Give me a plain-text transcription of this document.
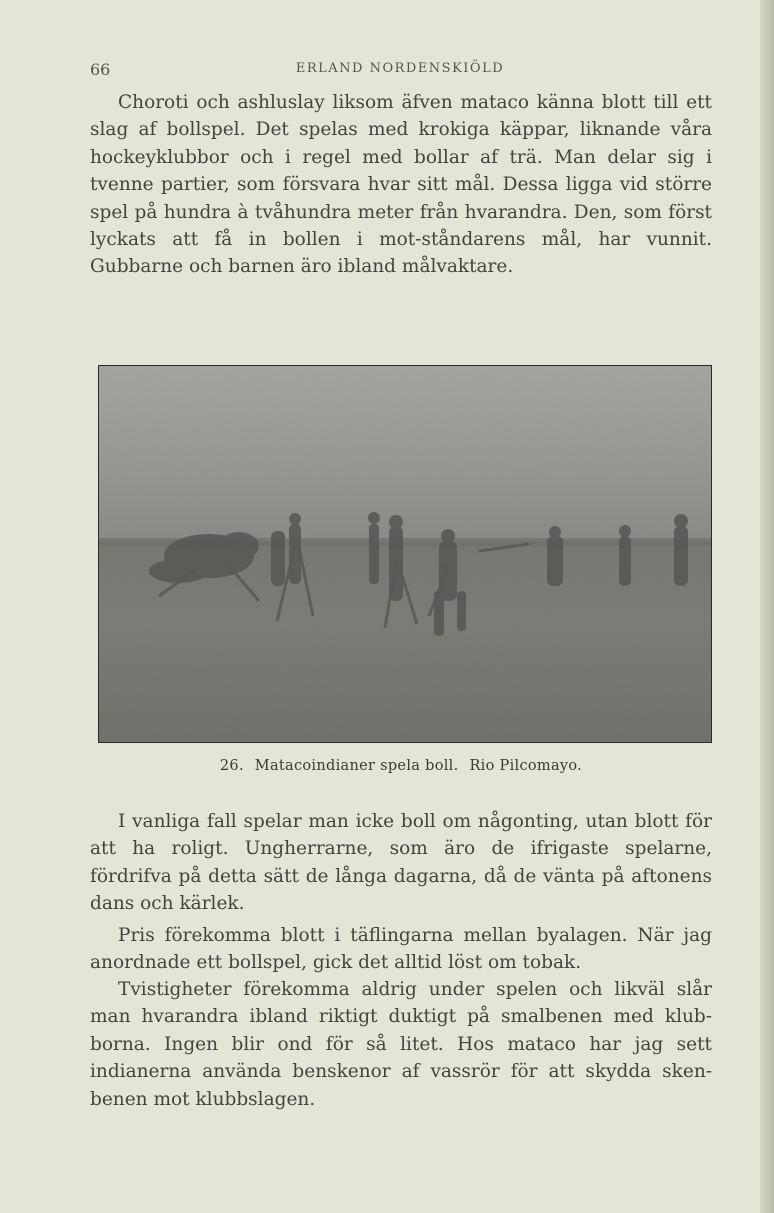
66	ERLAND NORDENSKIÖLD

Choroti och ashluslay liksom äfven mataco känna blott till ett slag af bollspel. Det spelas med krokiga käppar, liknande våra hockeyklubbor och i regel med bollar af trä. Man delar sig i tvenne partier, som försvara hvar sitt mål. Dessa ligga vid större spel på hundra à tvåhundra meter från hvarandra. Den, som först lyckats att få in bollen i mot-ståndarens mål, har vunnit. Gubbarne och barnen äro ibland målvaktare.

26. Matacoindianer spela boll. Rio Pilcomayo.

I vanliga fall spelar man icke boll om någonting, utan blott för att ha roligt. Ungherrarne, som äro de ifrigaste spelarne, fördrifva på detta sätt de långa dagarna, då de vänta på aftonens dans och kärlek.

Pris förekomma blott i täflingarna mellan byalagen. När jag anordnade ett bollspel, gick det alltid löst om tobak.

Tvistigheter förekomma aldrig under spelen och likväl slår man hvarandra ibland riktigt duktigt på smalbenen med klub-borna. Ingen blir ond för så litet. Hos mataco har jag sett indianerna använda benskenor af vassrör för att skydda sken-benen mot klubbslagen.
